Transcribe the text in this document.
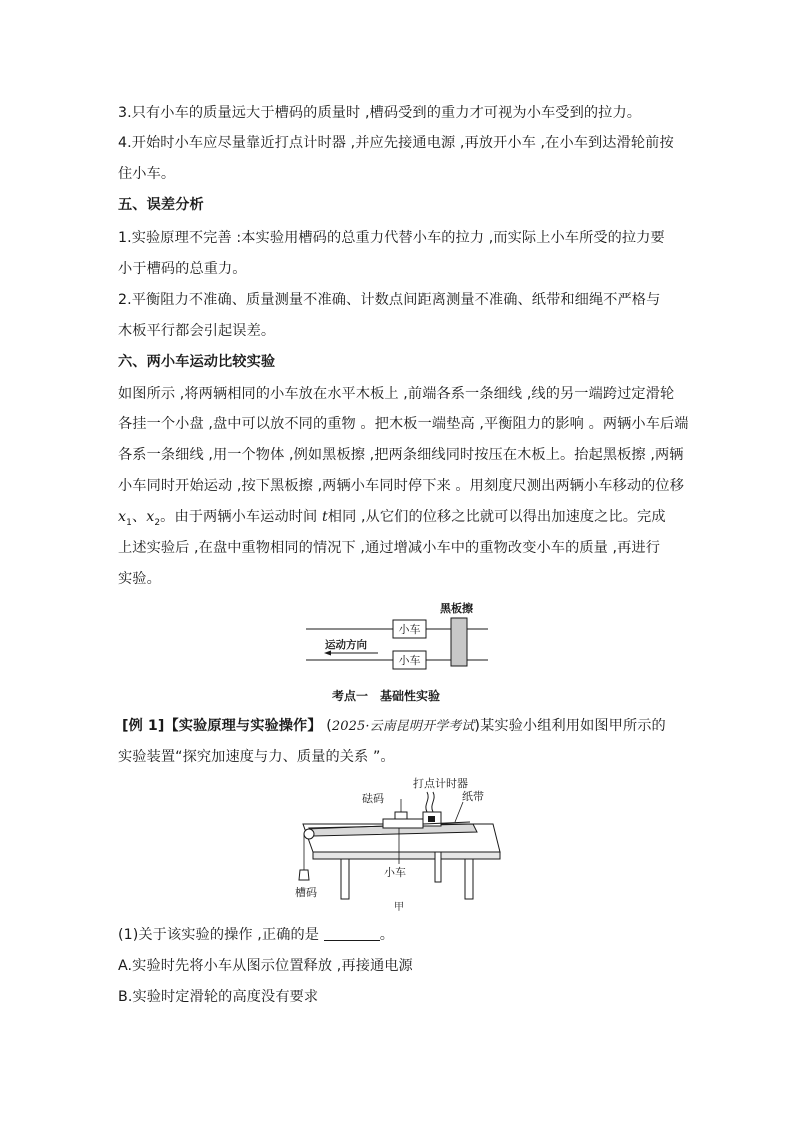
3.只有小车的质量远大于槽码的质量时 ,槽码受到的重力才可视为小车受到的拉力。
4.开始时小车应尽量靠近打点计时器 ,并应先接通电源 ,再放开小车 ,在小车到达滑轮前按
住小车。
五、误差分析
1.实验原理不完善 :本实验用槽码的总重力代替小车的拉力 ,而实际上小车所受的拉力要
小于槽码的总重力。
2.平衡阻力不准确、质量测量不准确、计数点间距离测量不准确、纸带和细绳不严格与
木板平行都会引起误差。
六、两小车运动比较实验
如图所示 ,将两辆相同的小车放在水平木板上 ,前端各系一条细线 ,线的另一端跨过定滑轮
各挂一个小盘 ,盘中可以放不同的重物 。把木板一端垫高 ,平衡阻力的影响 。两辆小车后端
各系一条细线 ,用一个物体 ,例如黑板擦 ,把两条细线同时按压在木板上。抬起黑板擦 ,两辆
小车同时开始运动 ,按下黑板擦 ,两辆小车同时停下来 。用刻度尺测出两辆小车移动的位移
$x_1$、$x_2$。由于两辆小车运动时间 t相同 ,从它们的位移之比就可以得出加速度之比。完成
上述实验后 ,在盘中重物相同的情况下 ,通过增减小车中的重物改变小车的质量 ,再进行
实验。
黑板擦
小车
小车
运动方向
考点一　基础性实验
[例 1]【实验原理与实验操作】 (2025·云南昆明开学考试)某实验小组利用如图甲所示的
实验装置“探究加速度与力、质量的关系 ”。
打点计时器
砝码	纸带
小车
槽码
甲
(1)关于该实验的操作 ,正确的是	。
A.实验时先将小车从图示位置释放 ,再接通电源
B.实验时定滑轮的高度没有要求
